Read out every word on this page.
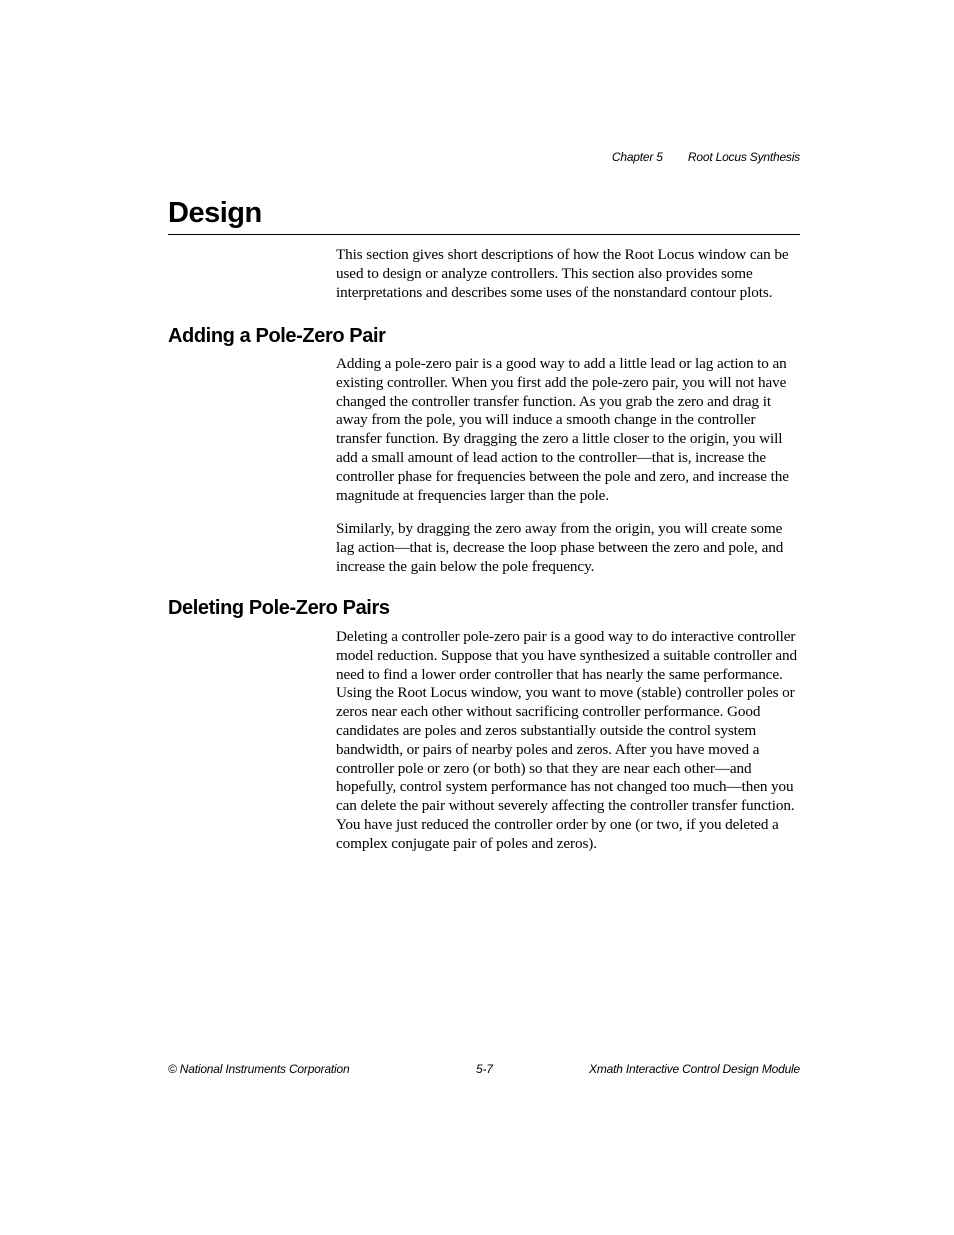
Chapter 5 Root Locus Synthesis
Design

This section gives short descriptions of how the Root Locus window can be used to design or analyze controllers. This section also provides some interpretations and describes some uses of the nonstandard contour plots.

Adding a Pole-Zero Pair

Adding a pole-zero pair is a good way to add a little lead or lag action to an existing controller. When you first add the pole-zero pair, you will not have changed the controller transfer function. As you grab the zero and drag it away from the pole, you will induce a smooth change in the controller transfer function. By dragging the zero a little closer to the origin, you will add a small amount of lead action to the controller—that is, increase the controller phase for frequencies between the pole and zero, and increase the magnitude at frequencies larger than the pole.

Similarly, by dragging the zero away from the origin, you will create some lag action—that is, decrease the loop phase between the zero and pole, and increase the gain below the pole frequency.

Deleting Pole-Zero Pairs

Deleting a controller pole-zero pair is a good way to do interactive controller model reduction. Suppose that you have synthesized a suitable controller and need to find a lower order controller that has nearly the same performance. Using the Root Locus window, you want to move (stable) controller poles or zeros near each other without sacrificing controller performance. Good candidates are poles and zeros substantially outside the control system bandwidth, or pairs of nearby poles and zeros. After you have moved a controller pole or zero (or both) so that they are near each other—and hopefully, control system performance has not changed too much—then you can delete the pair without severely affecting the controller transfer function. You have just reduced the controller order by one (or two, if you deleted a complex conjugate pair of poles and zeros).

© National Instruments Corporation	5-7	Xmath Interactive Control Design Module
